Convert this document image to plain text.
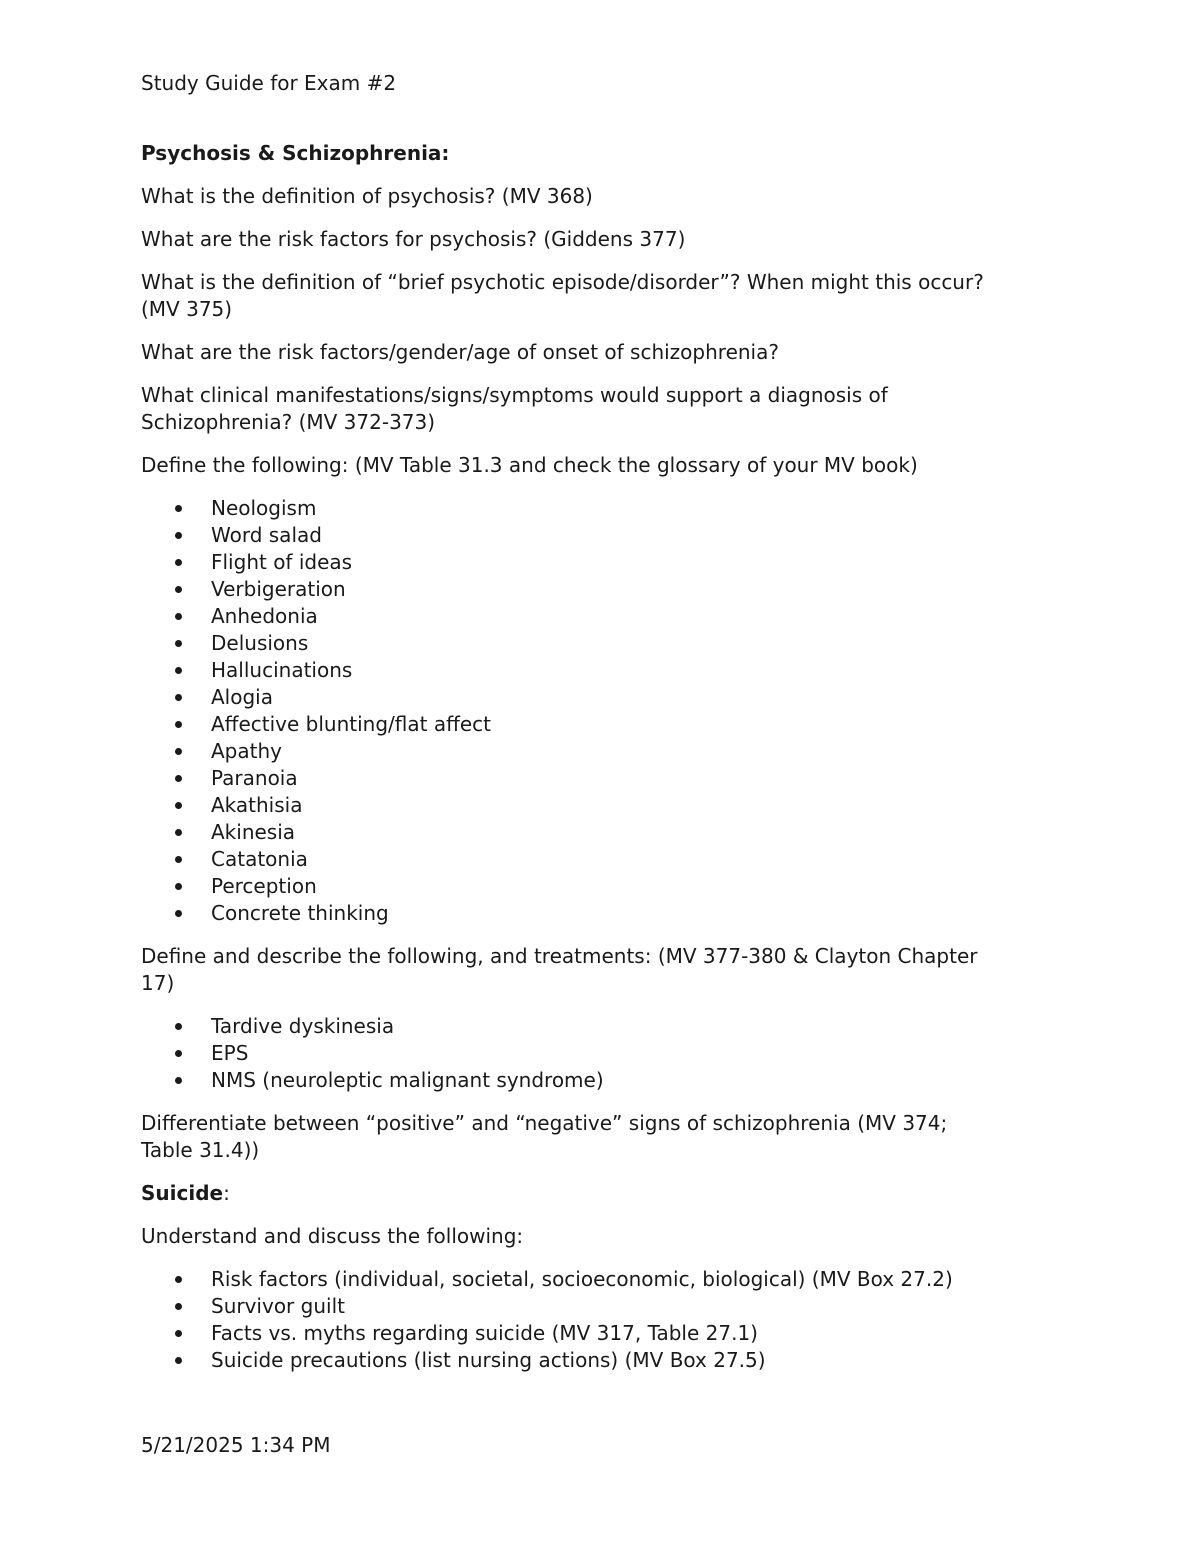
Study Guide for Exam #2

Psychosis & Schizophrenia:

What is the definition of psychosis? (MV 368)

What are the risk factors for psychosis? (Giddens 377)

What is the definition of “brief psychotic episode/disorder”? When might this occur?
(MV 375)

What are the risk factors/gender/age of onset of schizophrenia?

What clinical manifestations/signs/symptoms would support a diagnosis of
Schizophrenia? (MV 372-373)

Define the following: (MV Table 31.3 and check the glossary of your MV book)

Neologism
Word salad
Flight of ideas
Verbigeration
Anhedonia
Delusions
Hallucinations
Alogia
Affective blunting/flat affect
Apathy
Paranoia
Akathisia
Akinesia
Catatonia
Perception
Concrete thinking

Define and describe the following, and treatments: (MV 377-380 & Clayton Chapter
17)

Tardive dyskinesia
EPS
NMS (neuroleptic malignant syndrome)

Differentiate between “positive” and “negative” signs of schizophrenia (MV 374;
Table 31.4))

Suicide:

Understand and discuss the following:

Risk factors (individual, societal, socioeconomic, biological) (MV Box 27.2)
Survivor guilt
Facts vs. myths regarding suicide (MV 317, Table 27.1)
Suicide precautions (list nursing actions) (MV Box 27.5)

5/21/2025 1:34 PM
